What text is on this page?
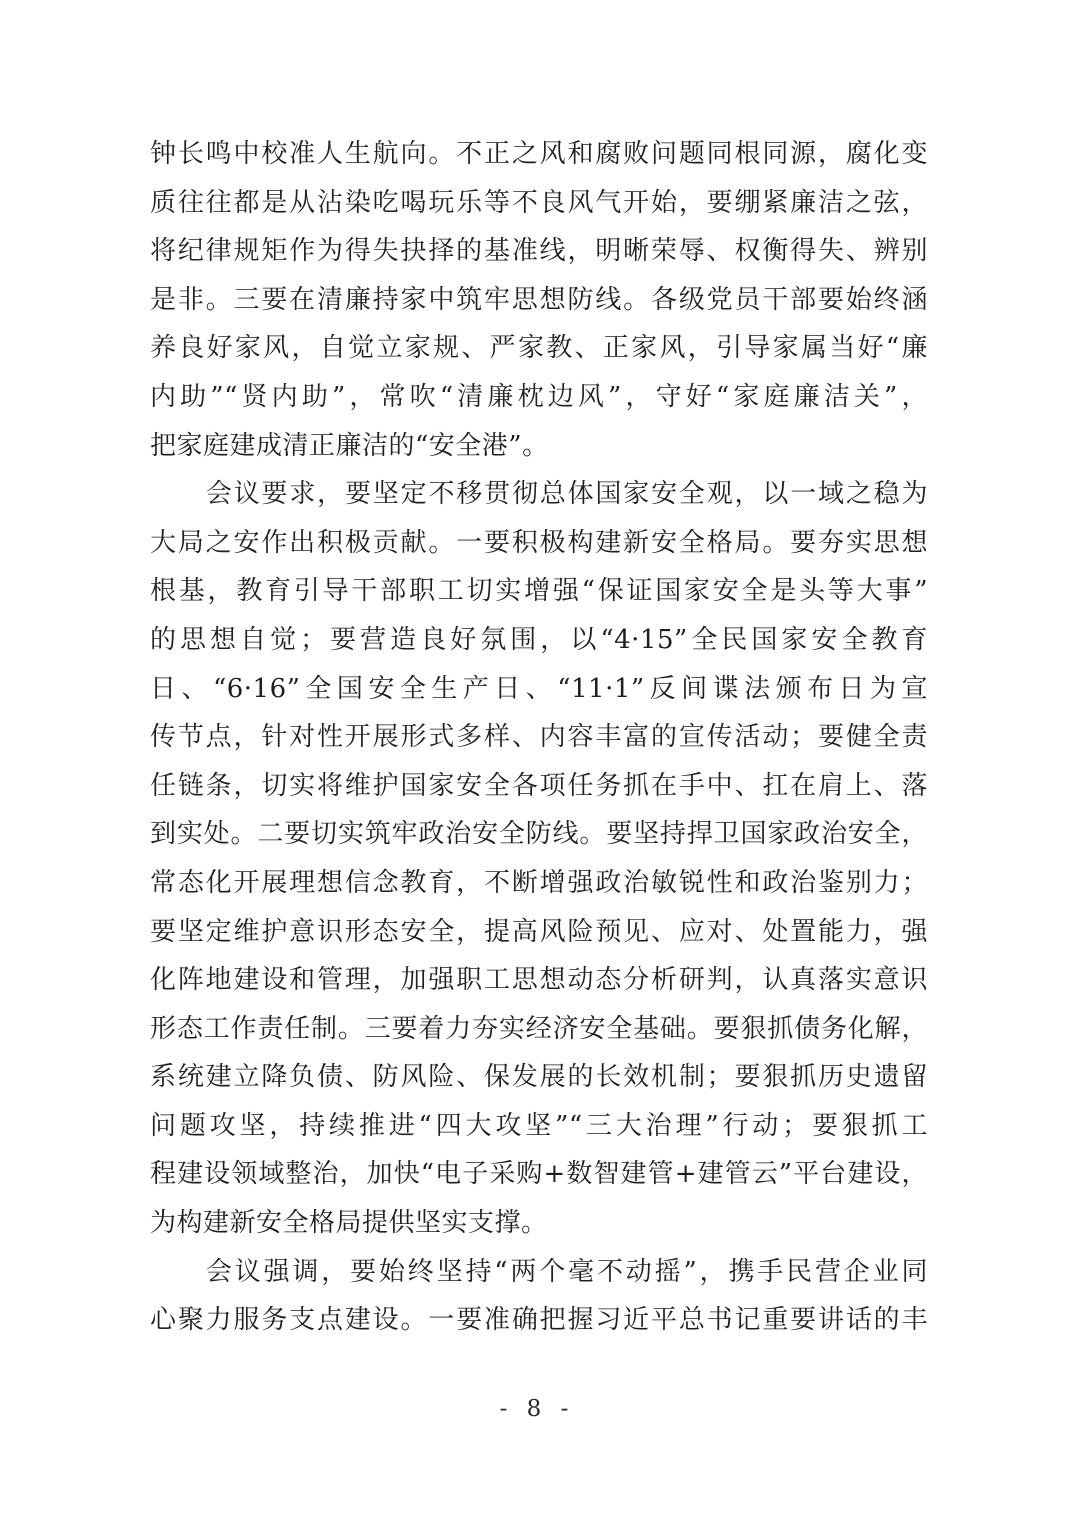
钟长鸣中校准人生航向。不正之风和腐败问题同根同源，腐化变
质往往都是从沾染吃喝玩乐等不良风气开始，要绷紧廉洁之弦，
将纪律规矩作为得失抉择的基准线，明晰荣辱、权衡得失、辨别
是非。三要在清廉持家中筑牢思想防线。各级党员干部要始终涵
养良好家风，自觉立家规、严家教、正家风，引导家属当好“廉
内助”“贤内助”，常吹“清廉枕边风”，守好“家庭廉洁关”，
把家庭建成清正廉洁的“安全港”。
会议要求，要坚定不移贯彻总体国家安全观，以一域之稳为
大局之安作出积极贡献。一要积极构建新安全格局。要夯实思想
根基，教育引导干部职工切实增强“保证国家安全是头等大事”
的思想自觉；要营造良好氛围，以“4·15”全民国家安全教育
日、“6·16”全国安全生产日、“11·1”反间谍法颁布日为宣
传节点，针对性开展形式多样、内容丰富的宣传活动；要健全责
任链条，切实将维护国家安全各项任务抓在手中、扛在肩上、落
到实处。二要切实筑牢政治安全防线。要坚持捍卫国家政治安全，
常态化开展理想信念教育，不断增强政治敏锐性和政治鉴别力；
要坚定维护意识形态安全，提高风险预见、应对、处置能力，强
化阵地建设和管理，加强职工思想动态分析研判，认真落实意识
形态工作责任制。三要着力夯实经济安全基础。要狠抓债务化解，
系统建立降负债、防风险、保发展的长效机制；要狠抓历史遗留
问题攻坚，持续推进“四大攻坚”“三大治理”行动；要狠抓工
程建设领域整治，加快“电子采购+数智建管+建管云”平台建设，
为构建新安全格局提供坚实支撑。
会议强调，要始终坚持“两个毫不动摇”，携手民营企业同
心聚力服务支点建设。一要准确把握习近平总书记重要讲话的丰
- 8 -
